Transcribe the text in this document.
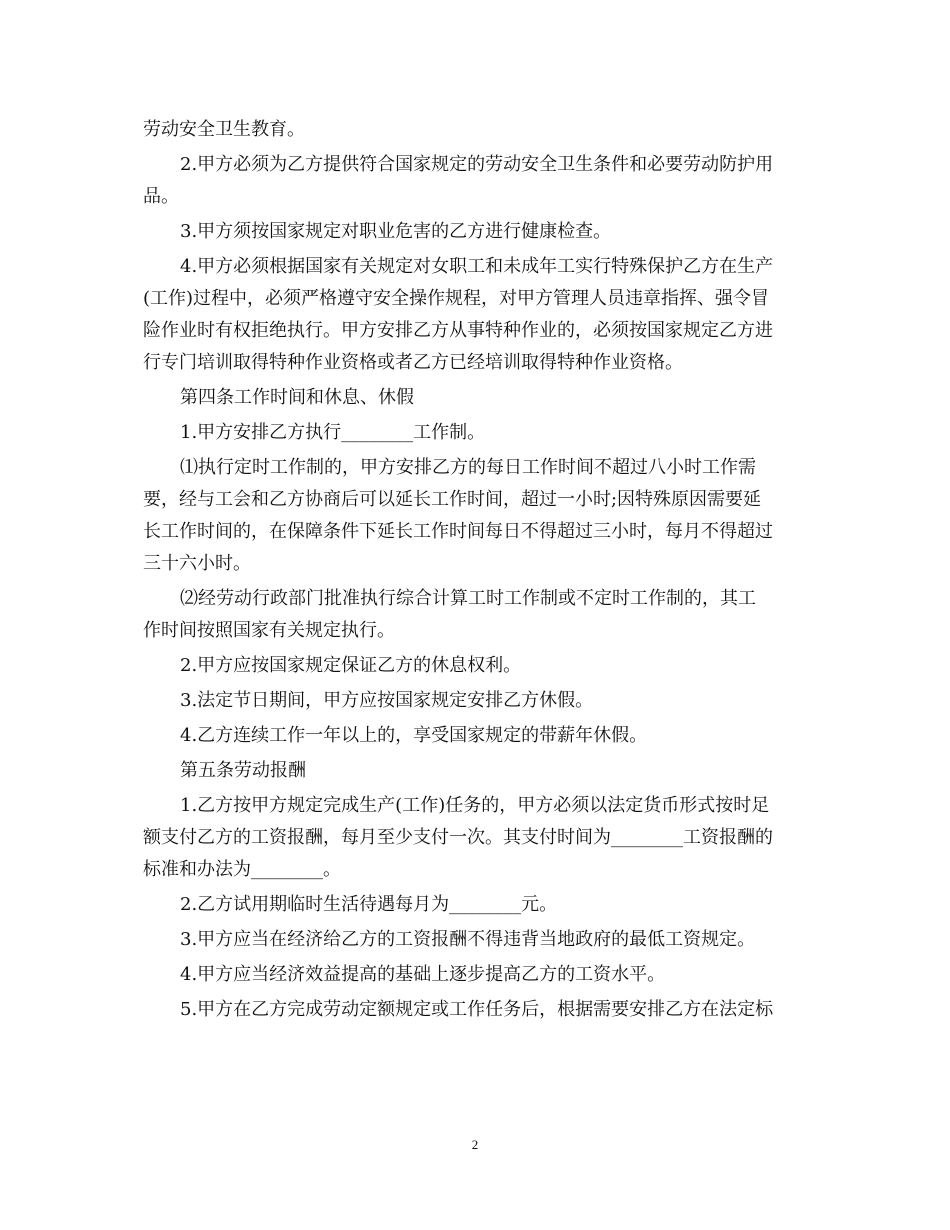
劳动安全卫生教育。
2.甲方必须为乙方提供符合国家规定的劳动安全卫生条件和必要劳动防护用
品。
3.甲方须按国家规定对职业危害的乙方进行健康检查。
4.甲方必须根据国家有关规定对女职工和未成年工实行特殊保护乙方在生产
(工作)过程中，必须严格遵守安全操作规程，对甲方管理人员违章指挥、强令冒
险作业时有权拒绝执行。甲方安排乙方从事特种作业的，必须按国家规定乙方进
行专门培训取得特种作业资格或者乙方已经培训取得特种作业资格。
第四条工作时间和休息、休假
1.甲方安排乙方执行________工作制。
⑴执行定时工作制的，甲方安排乙方的每日工作时间不超过八小时工作需
要，经与工会和乙方协商后可以延长工作时间，超过一小时;因特殊原因需要延
长工作时间的，在保障条件下延长工作时间每日不得超过三小时，每月不得超过
三十六小时。
⑵经劳动行政部门批准执行综合计算工时工作制或不定时工作制的，其工
作时间按照国家有关规定执行。
2.甲方应按国家规定保证乙方的休息权利。
3.法定节日期间，甲方应按国家规定安排乙方休假。
4.乙方连续工作一年以上的，享受国家规定的带薪年休假。
第五条劳动报酬
1.乙方按甲方规定完成生产(工作)任务的，甲方必须以法定货币形式按时足
额支付乙方的工资报酬，每月至少支付一次。其支付时间为________工资报酬的
标准和办法为________。
2.乙方试用期临时生活待遇每月为________元。
3.甲方应当在经济给乙方的工资报酬不得违背当地政府的最低工资规定。
4.甲方应当经济效益提高的基础上逐步提高乙方的工资水平。
5.甲方在乙方完成劳动定额规定或工作任务后，根据需要安排乙方在法定标
2
